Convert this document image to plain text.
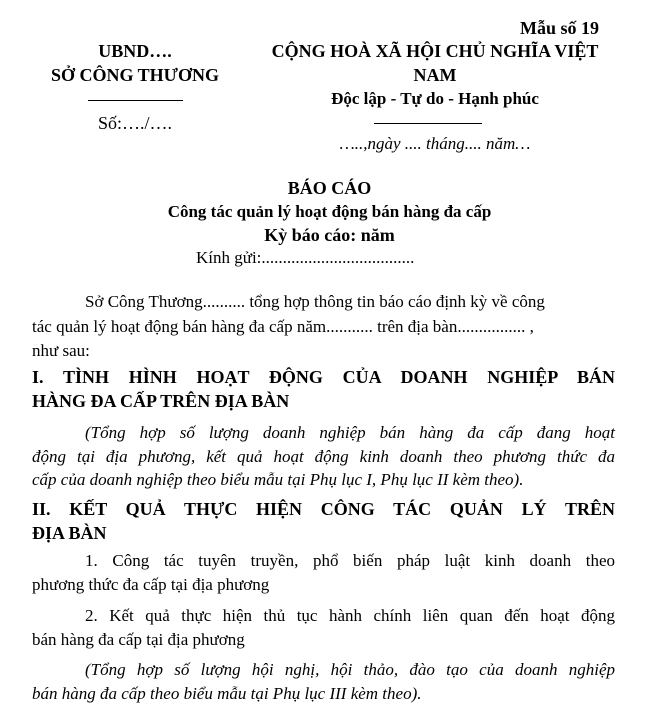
Mẫu số 19
UBND….
SỞ CÔNG THƯƠNG
Số:…./….
CỘNG HOÀ XÃ HỘI CHỦ NGHĨA VIỆT
NAM
Độc lập - Tự do - Hạnh phúc
…..,ngày .... tháng.... năm…
BÁO CÁO
Công tác quản lý hoạt động bán hàng đa cấp
Kỳ báo cáo: năm
Kính gửi:....................................
Sở Công Thương.......... tổng hợp thông tin báo cáo định kỳ về công
tác quản lý hoạt động bán hàng đa cấp năm........... trên địa bàn................ ,
như sau:
I. TÌNH HÌNH HOẠT ĐỘNG CỦA DOANH NGHIỆP BÁN
HÀNG ĐA CẤP TRÊN ĐỊA BÀN
(Tổng hợp số lượng doanh nghiệp bán hàng đa cấp đang hoạt
động tại địa phương, kết quả hoạt động kinh doanh theo phương thức đa
cấp của doanh nghiệp theo biểu mẫu tại Phụ lục I, Phụ lục II kèm theo).
II. KẾT QUẢ THỰC HIỆN CÔNG TÁC QUẢN LÝ TRÊN
ĐỊA BÀN
1. Công tác tuyên truyền, phổ biến pháp luật kinh doanh theo
phương thức đa cấp tại địa phương
2. Kết quả thực hiện thủ tục hành chính liên quan đến hoạt động
bán hàng đa cấp tại địa phương
(Tổng hợp số lượng hội nghị, hội thảo, đào tạo của doanh nghiệp
bán hàng đa cấp theo biểu mẫu tại Phụ lục III kèm theo).
